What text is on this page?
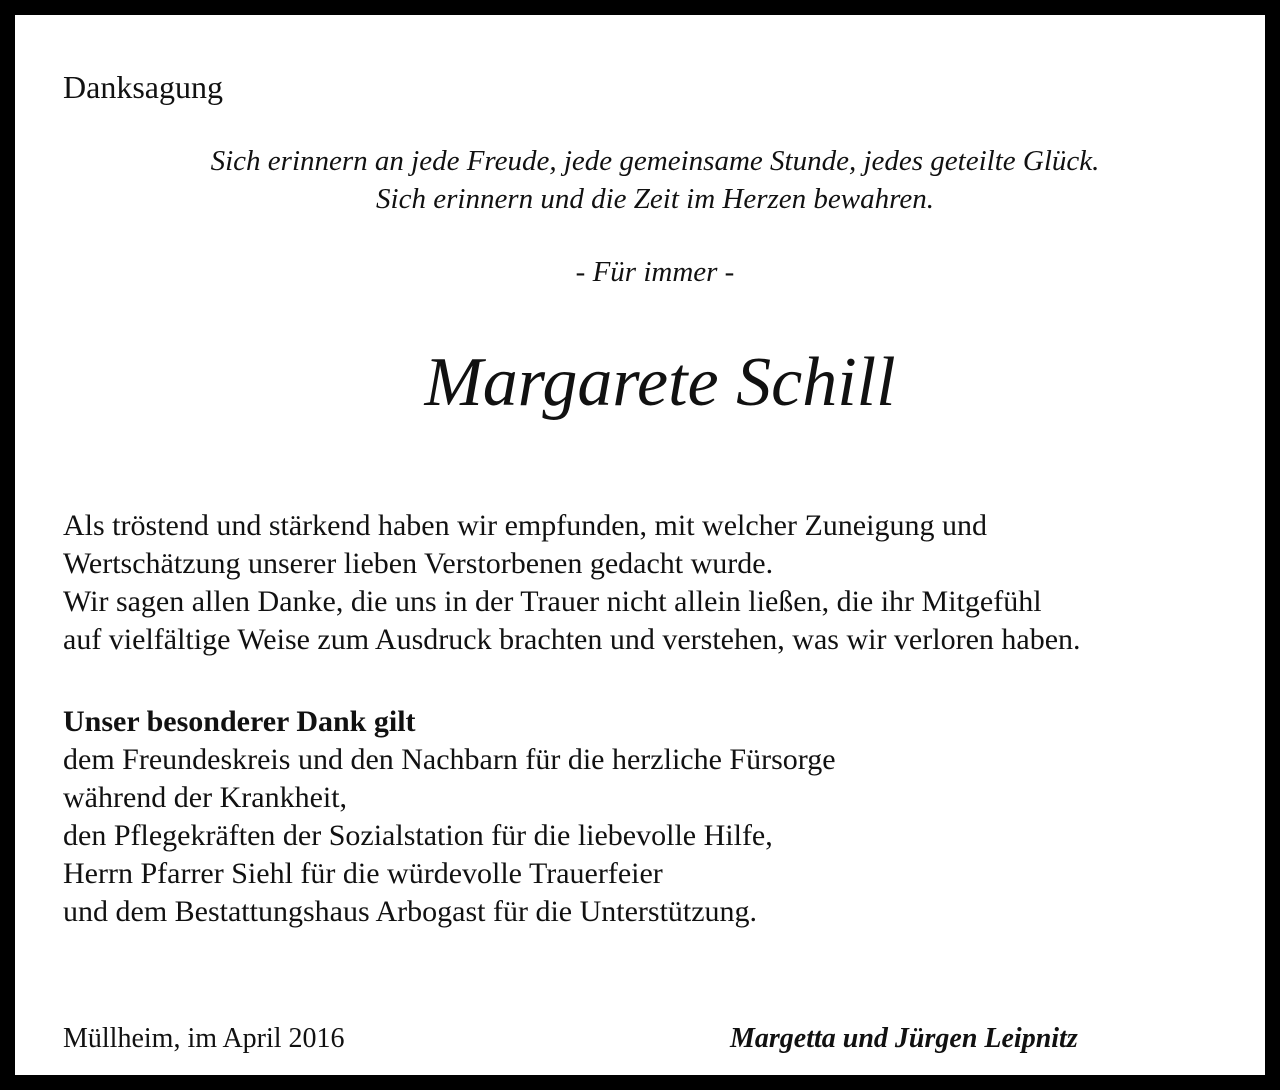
Danksagung
Sich erinnern an jede Freude, jede gemeinsame Stunde, jedes geteilte Glück.
Sich erinnern und die Zeit im Herzen bewahren.
- Für immer -
Margarete Schill
Als tröstend und stärkend haben wir empfunden, mit welcher Zuneigung und
Wertschätzung unserer lieben Verstorbenen gedacht wurde.
Wir sagen allen Danke, die uns in der Trauer nicht allein ließen, die ihr Mitgefühl
auf vielfältige Weise zum Ausdruck brachten und verstehen, was wir verloren haben.
Unser besonderer Dank gilt
dem Freundeskreis und den Nachbarn für die herzliche Fürsorge
während der Krankheit,
den Pflegekräften der Sozialstation für die liebevolle Hilfe,
Herrn Pfarrer Siehl für die würdevolle Trauerfeier
und dem Bestattungshaus Arbogast für die Unterstützung.
Müllheim, im April 2016	Margetta und Jürgen Leipnitz
